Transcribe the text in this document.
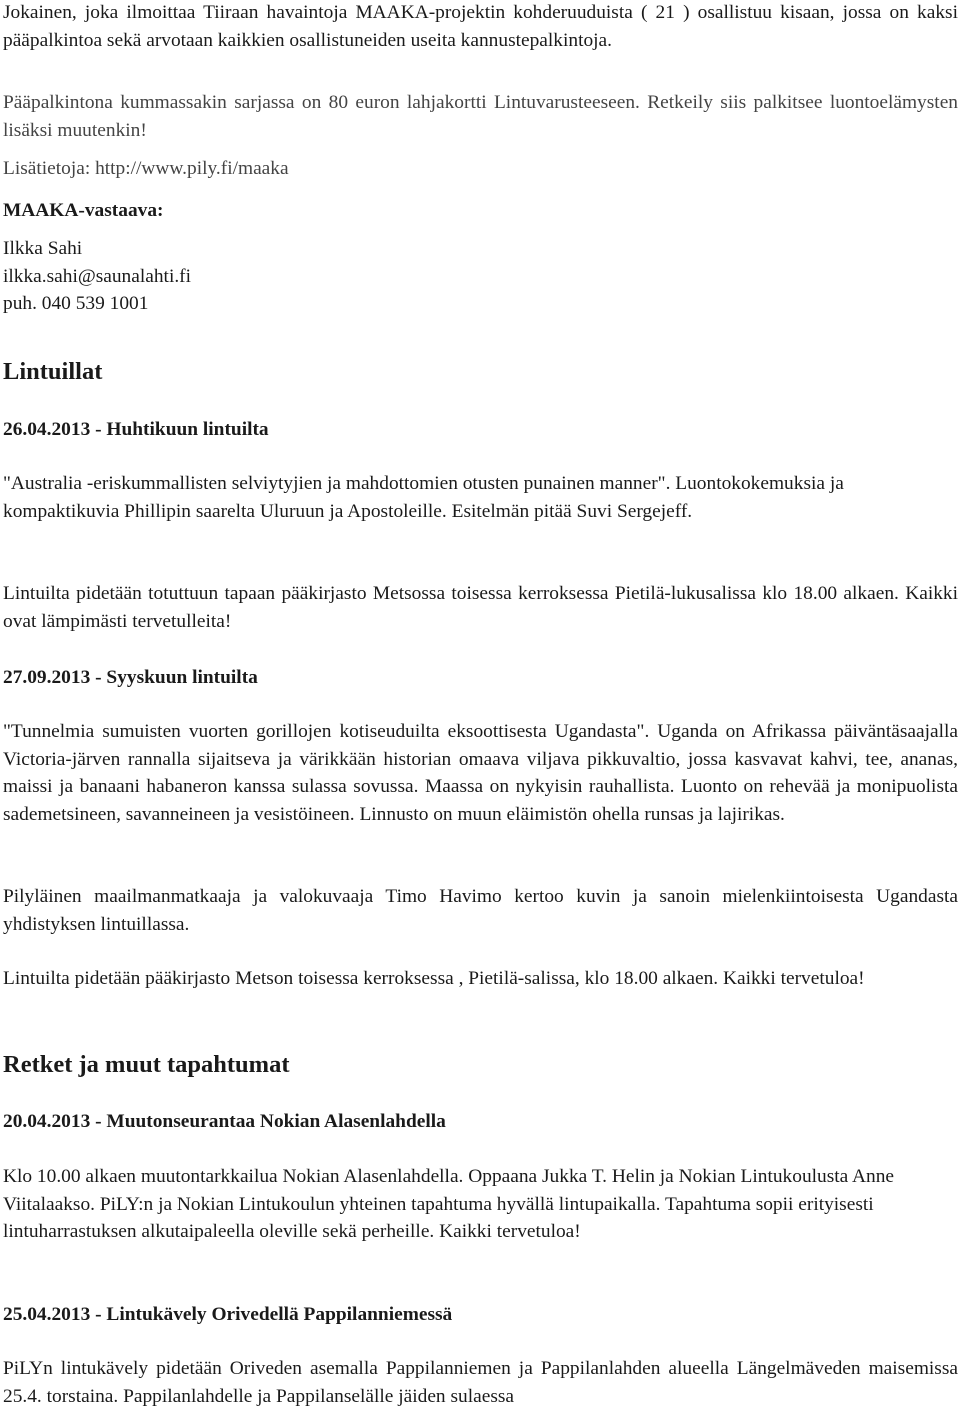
Jokainen, joka ilmoittaa Tiiraan havaintoja MAAKA-projektin kohderuuduista ( 21 ) osallistuu kisaan, jossa on kaksi pääpalkintoa sekä arvotaan kaikkien osallistuneiden useita kannustepalkintoja.

Pääpalkintona kummassakin sarjassa on 80 euron lahjakortti Lintuvarusteeseen. Retkeily siis palkitsee luontoelämysten lisäksi muutenkin!

Lisätietoja: http://www.pily.fi/maaka

MAAKA-vastaava:

Ilkka Sahi
ilkka.sahi@saunalahti.fi
puh. 040 539 1001

Lintuillat

26.04.2013 - Huhtikuun lintuilta

"Australia -eriskummallisten selviytyjien ja mahdottomien otusten punainen manner". Luontokokemuksia ja kompaktikuvia Phillipin saarelta Uluruun ja Apostoleille. Esitelmän pitää Suvi Sergejeff.

Lintuilta pidetään totuttuun tapaan pääkirjasto Metsossa toisessa kerroksessa Pietilä-lukusalissa klo 18.00 alkaen. Kaikki ovat lämpimästi tervetulleita!

27.09.2013 - Syyskuun lintuilta

"Tunnelmia sumuisten vuorten gorillojen kotiseuduilta eksoottisesta Ugandasta". Uganda on Afrikassa päiväntäsaajalla Victoria-järven rannalla sijaitseva ja värikkään historian omaava viljava pikkuvaltio, jossa kasvavat kahvi, tee, ananas, maissi ja banaani habaneron kanssa sulassa sovussa. Maassa on nykyisin rauhallista. Luonto on rehevää ja monipuolista sademetsineen, savanneineen ja vesistöineen. Linnusto on muun eläimistön ohella runsas ja lajirikas.

Pilyläinen maailmanmatkaaja ja valokuvaaja Timo Havimo kertoo kuvin ja sanoin mielenkiintoisesta Ugandasta yhdistyksen lintuillassa.

Lintuilta pidetään pääkirjasto Metson toisessa kerroksessa , Pietilä-salissa, klo 18.00 alkaen. Kaikki tervetuloa!

Retket ja muut tapahtumat

20.04.2013 - Muutonseurantaa Nokian Alasenlahdella

Klo 10.00 alkaen muutontarkkailua Nokian Alasenlahdella. Oppaana Jukka T. Helin ja Nokian Lintukoulusta Anne Viitalaakso. PiLY:n ja Nokian Lintukoulun yhteinen tapahtuma hyvällä lintupaikalla. Tapahtuma sopii erityisesti lintuharrastuksen alkutaipaleella oleville sekä perheille. Kaikki tervetuloa!

25.04.2013 - Lintukävely Orivedellä Pappilanniemessä

PiLYn lintukävely pidetään Oriveden asemalla Pappilanniemen ja Pappilanlahden alueella Längelmäveden maisemissa 25.4. torstaina. Pappilanlahdelle ja Pappilanselälle jäiden sulaessa
